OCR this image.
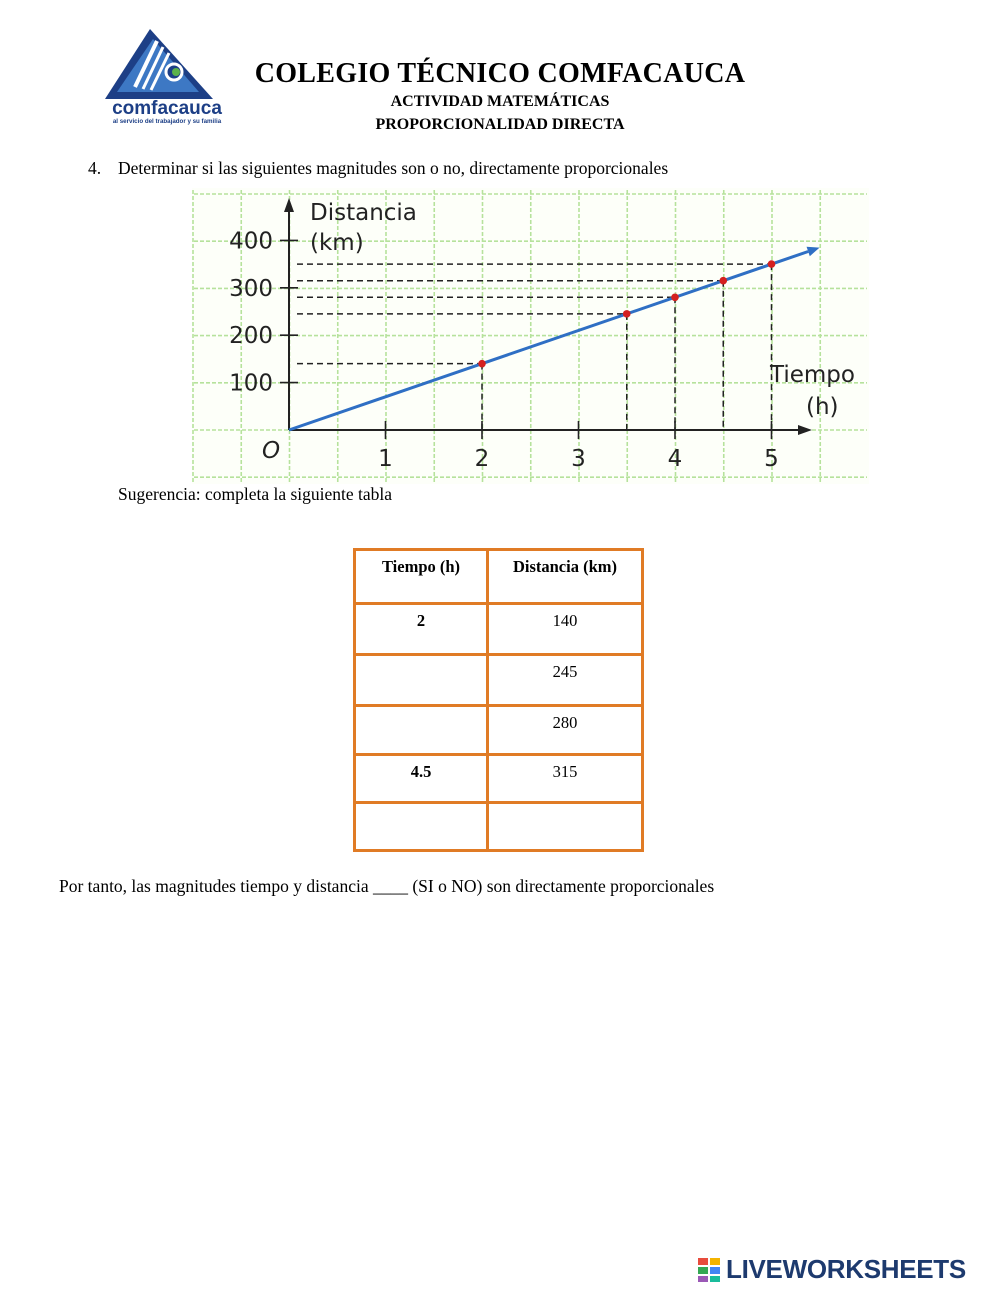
comfacauca
al servicio del trabajador y su familia
COLEGIO TÉCNICO COMFACAUCA
ACTIVIDAD MATEMÁTICAS
PROPORCIONALIDAD DIRECTA
4. Determinar si las siguientes magnitudes son o no, directamente proporcionales
1	2	3	4	5
100
200
300
400
Distancia
(km)
Tiempo
(h)
O
Sugerencia: completa la siguiente tabla
Tiempo (h)	Distancia (km)
2	140
	245
	280
4.5	315

Por tanto, las magnitudes tiempo y distancia ____ (SI o NO) son directamente proporcionales
LIVEWORKSHEETS
